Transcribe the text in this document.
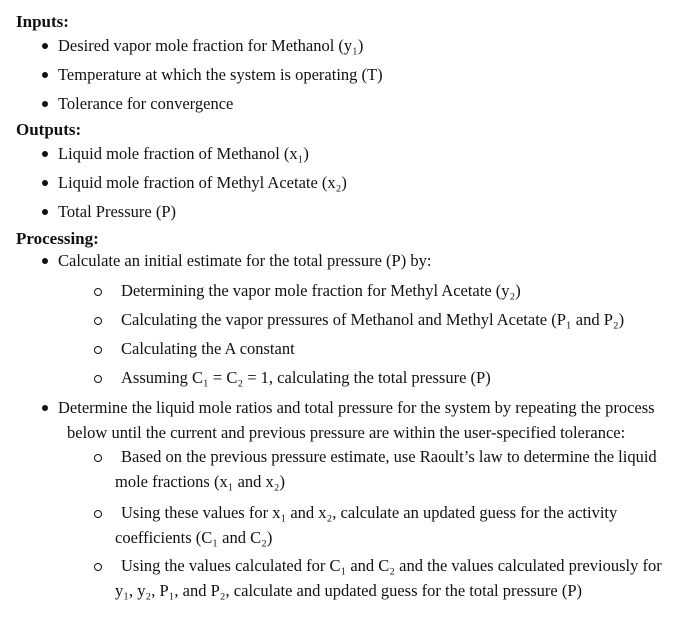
Inputs:
Desired vapor mole fraction for Methanol (y₁)
Temperature at which the system is operating (T)
Tolerance for convergence
Outputs:
Liquid mole fraction of Methanol (x₁)
Liquid mole fraction of Methyl Acetate (x₂)
Total Pressure (P)
Processing:
Calculate an initial estimate for the total pressure (P) by:
Determining the vapor mole fraction for Methyl Acetate (y₂)
Calculating the vapor pressures of Methanol and Methyl Acetate (P₁ and P₂)
Calculating the A constant
Assuming C₁ = C₂ = 1, calculating the total pressure (P)
Determine the liquid mole ratios and total pressure for the system by repeating the process
below until the current and previous pressure are within the user-specified tolerance:
Based on the previous pressure estimate, use Raoult’s law to determine the liquid
mole fractions (x₁ and x₂)
Using these values for x₁ and x₂, calculate an updated guess for the activity
coefficients (C₁ and C₂)
Using the values calculated for C₁ and C₂ and the values calculated previously for
y₁, y₂, P₁, and P₂, calculate and updated guess for the total pressure (P)
